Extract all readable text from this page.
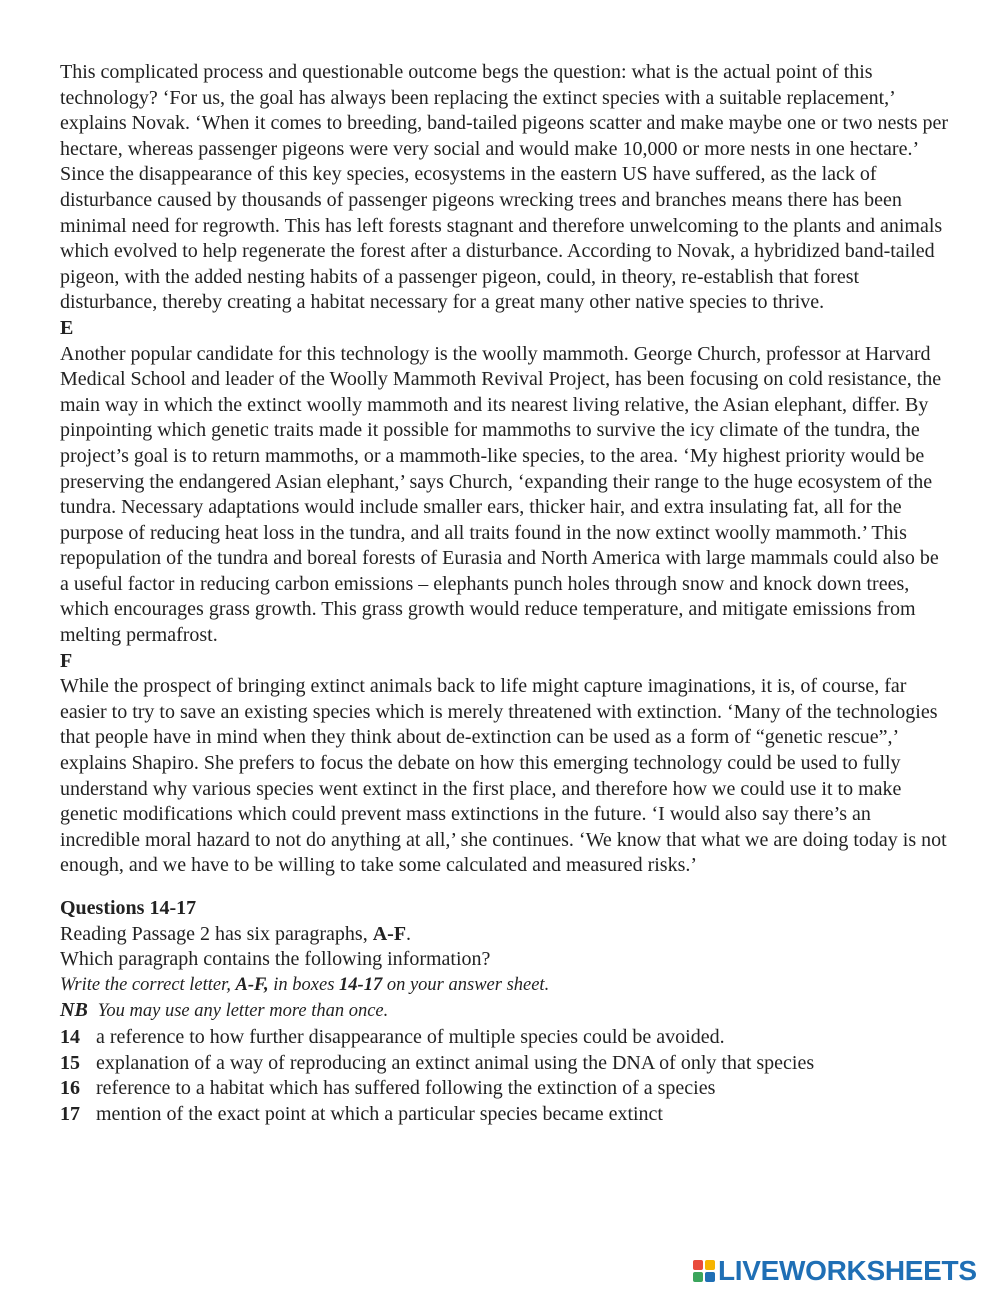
This complicated process and questionable outcome begs the question: what is the actual point of this technology? ‘For us, the goal has always been replacing the extinct species with a suitable replacement,’ explains Novak. ‘When it comes to breeding, band-tailed pigeons scatter and make maybe one or two nests per hectare, whereas passenger pigeons were very social and would make 10,000 or more nests in one hectare.’ Since the disappearance of this key species, ecosystems in the eastern US have suffered, as the lack of disturbance caused by thousands of passenger pigeons wrecking trees and branches means there has been minimal need for regrowth. This has left forests stagnant and therefore unwelcoming to the plants and animals which evolved to help regenerate the forest after a disturbance. According to Novak, a hybridized band-tailed pigeon, with the added nesting habits of a passenger pigeon, could, in theory, re-establish that forest disturbance, thereby creating a habitat necessary for a great many other native species to thrive.

E

Another popular candidate for this technology is the woolly mammoth. George Church, professor at Harvard Medical School and leader of the Woolly Mammoth Revival Project, has been focusing on cold resistance, the main way in which the extinct woolly mammoth and its nearest living relative, the Asian elephant, differ. By pinpointing which genetic traits made it possible for mammoths to survive the icy climate of the tundra, the project’s goal is to return mammoths, or a mammoth-like species, to the area. ‘My highest priority would be preserving the endangered Asian elephant,’ says Church, ‘expanding their range to the huge ecosystem of the tundra. Necessary adaptations would include smaller ears, thicker hair, and extra insulating fat, all for the purpose of reducing heat loss in the tundra, and all traits found in the now extinct woolly mammoth.’ This repopulation of the tundra and boreal forests of Eurasia and North America with large mammals could also be a useful factor in reducing carbon emissions – elephants punch holes through snow and knock down trees, which encourages grass growth. This grass growth would reduce temperature, and mitigate emissions from melting permafrost.

F

While the prospect of bringing extinct animals back to life might capture imaginations, it is, of course, far easier to try to save an existing species which is merely threatened with extinction. ‘Many of the technologies that people have in mind when they think about de-extinction can be used as a form of “genetic rescue”,’ explains Shapiro. She prefers to focus the debate on how this emerging technology could be used to fully understand why various species went extinct in the first place, and therefore how we could use it to make genetic modifications which could prevent mass extinctions in the future. ‘I would also say there’s an incredible moral hazard to not do anything at all,’ she continues. ‘We know that what we are doing today is not enough, and we have to be willing to take some calculated and measured risks.’

Questions 14-17

Reading Passage 2 has six paragraphs, A-F.

Which paragraph contains the following information?

Write the correct letter, A-F, in boxes 14-17 on your answer sheet.

NB You may use any letter more than once.

14 a reference to how further disappearance of multiple species could be avoided.
15 explanation of a way of reproducing an extinct animal using the DNA of only that species
16 reference to a habitat which has suffered following the extinction of a species
17 mention of the exact point at which a particular species became extinct
LIVEWORKSHEETS
